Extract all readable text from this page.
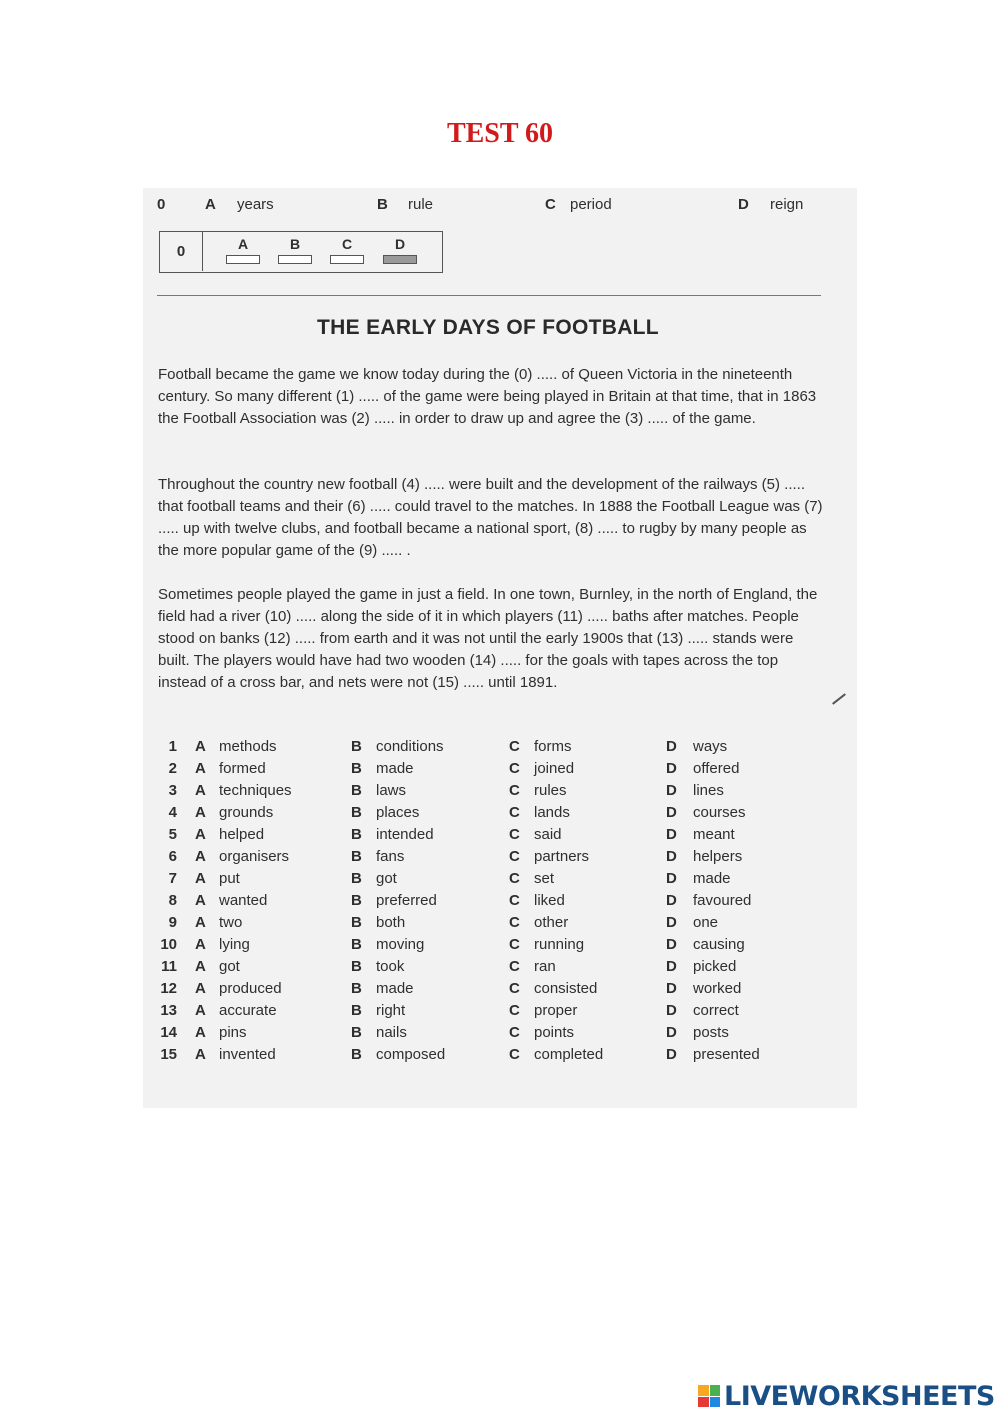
TEST 60
0	A years	B rule	C period	D reign
0	A	B	C	D
THE EARLY DAYS OF FOOTBALL

Football became the game we know today during the (0) ..... of Queen Victoria in the nineteenth century. So many different (1) ..... of the game were being played in Britain at that time, that in 1863 the Football Association was (2) ..... in order to draw up and agree the (3) ..... of the game.

Throughout the country new football (4) ..... were built and the development of the railways (5) ..... that football teams and their (6) ..... could travel to the matches. In 1888 the Football League was (7) ..... up with twelve clubs, and football became a national sport, (8) ..... to rugby by many people as the more popular game of the (9) ..... .

Sometimes people played the game in just a field. In one town, Burnley, in the north of England, the field had a river (10) ..... along the side of it in which players (11) ..... baths after matches. People stood on banks (12) ..... from earth and it was not until the early 1900s that (13) ..... stands were built. The players would have had two wooden (14) ..... for the goals with tapes across the top instead of a cross bar, and nets were not (15) ..... until 1891.

1 A methods	B conditions	C forms	D ways
2 A formed	B made	C joined	D offered
3 A techniques	B laws	C rules	D lines
4 A grounds	B places	C lands	D courses
5 A helped	B intended	C said	D meant
6 A organisers	B fans	C partners	D helpers
7 A put	B got	C set	D made
8 A wanted	B preferred	C liked	D favoured
9 A two	B both	C other	D one
10 A lying	B moving	C running	D causing
11 A got	B took	C ran	D picked
12 A produced	B made	C consisted	D worked
13 A accurate	B right	C proper	D correct
14 A pins	B nails	C points	D posts
15 A invented	B composed	C completed	D presented
LIVEWORKSHEETS
